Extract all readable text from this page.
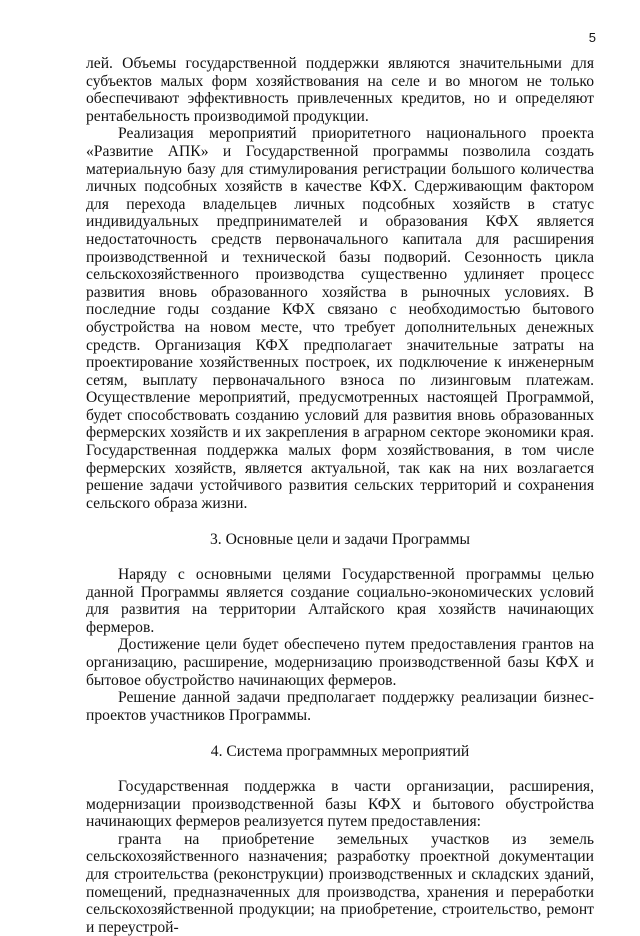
5

лей. Объемы государственной поддержки являются значительными для субъектов малых форм хозяйствования на селе и во многом не только обеспечивают эффективность привлеченных кредитов, но и определяют рентабельность производимой продукции.

Реализация мероприятий приоритетного национального проекта «Развитие АПК» и Государственной программы позволила создать материальную базу для стимулирования регистрации большого количества личных подсобных хозяйств в качестве КФХ. Сдерживающим фактором для перехода владельцев личных подсобных хозяйств в статус индивидуальных предпринимателей и образования КФХ является недостаточность средств первоначального капитала для расширения производственной и технической базы подворий. Сезонность цикла сельскохозяйственного производства существенно удлиняет процесс развития вновь образованного хозяйства в рыночных условиях. В последние годы создание КФХ связано с необходимостью бытового обустройства на новом месте, что требует дополнительных денежных средств. Организация КФХ предполагает значительные затраты на проектирование хозяйственных построек, их подключение к инженерным сетям, выплату первоначального взноса по лизинговым платежам. Осуществление мероприятий, предусмотренных настоящей Программой, будет способствовать созданию условий для развития вновь образованных фермерских хозяйств и их закрепления в аграрном секторе экономики края. Государственная поддержка малых форм хозяйствования, в том числе фермерских хозяйств, является актуальной, так как на них возлагается решение задачи устойчивого развития сельских территорий и сохранения сельского образа жизни.

3. Основные цели и задачи Программы

Наряду с основными целями Государственной программы целью данной Программы является создание социально-экономических условий для развития на территории Алтайского края хозяйств начинающих фермеров.

Достижение цели будет обеспечено путем предоставления грантов на организацию, расширение, модернизацию производственной базы КФХ и бытовое обустройство начинающих фермеров.

Решение данной задачи предполагает поддержку реализации бизнес-проектов участников Программы.

4. Система программных мероприятий

Государственная поддержка в части организации, расширения, модернизации производственной базы КФХ и бытового обустройства начинающих фермеров реализуется путем предоставления:

гранта на приобретение земельных участков из земель сельскохозяйственного назначения; разработку проектной документации для строительства (реконструкции) производственных и складских зданий, помещений, предназначенных для производства, хранения и переработки сельскохозяйственной продукции; на приобретение, строительство, ремонт и переустрой-
